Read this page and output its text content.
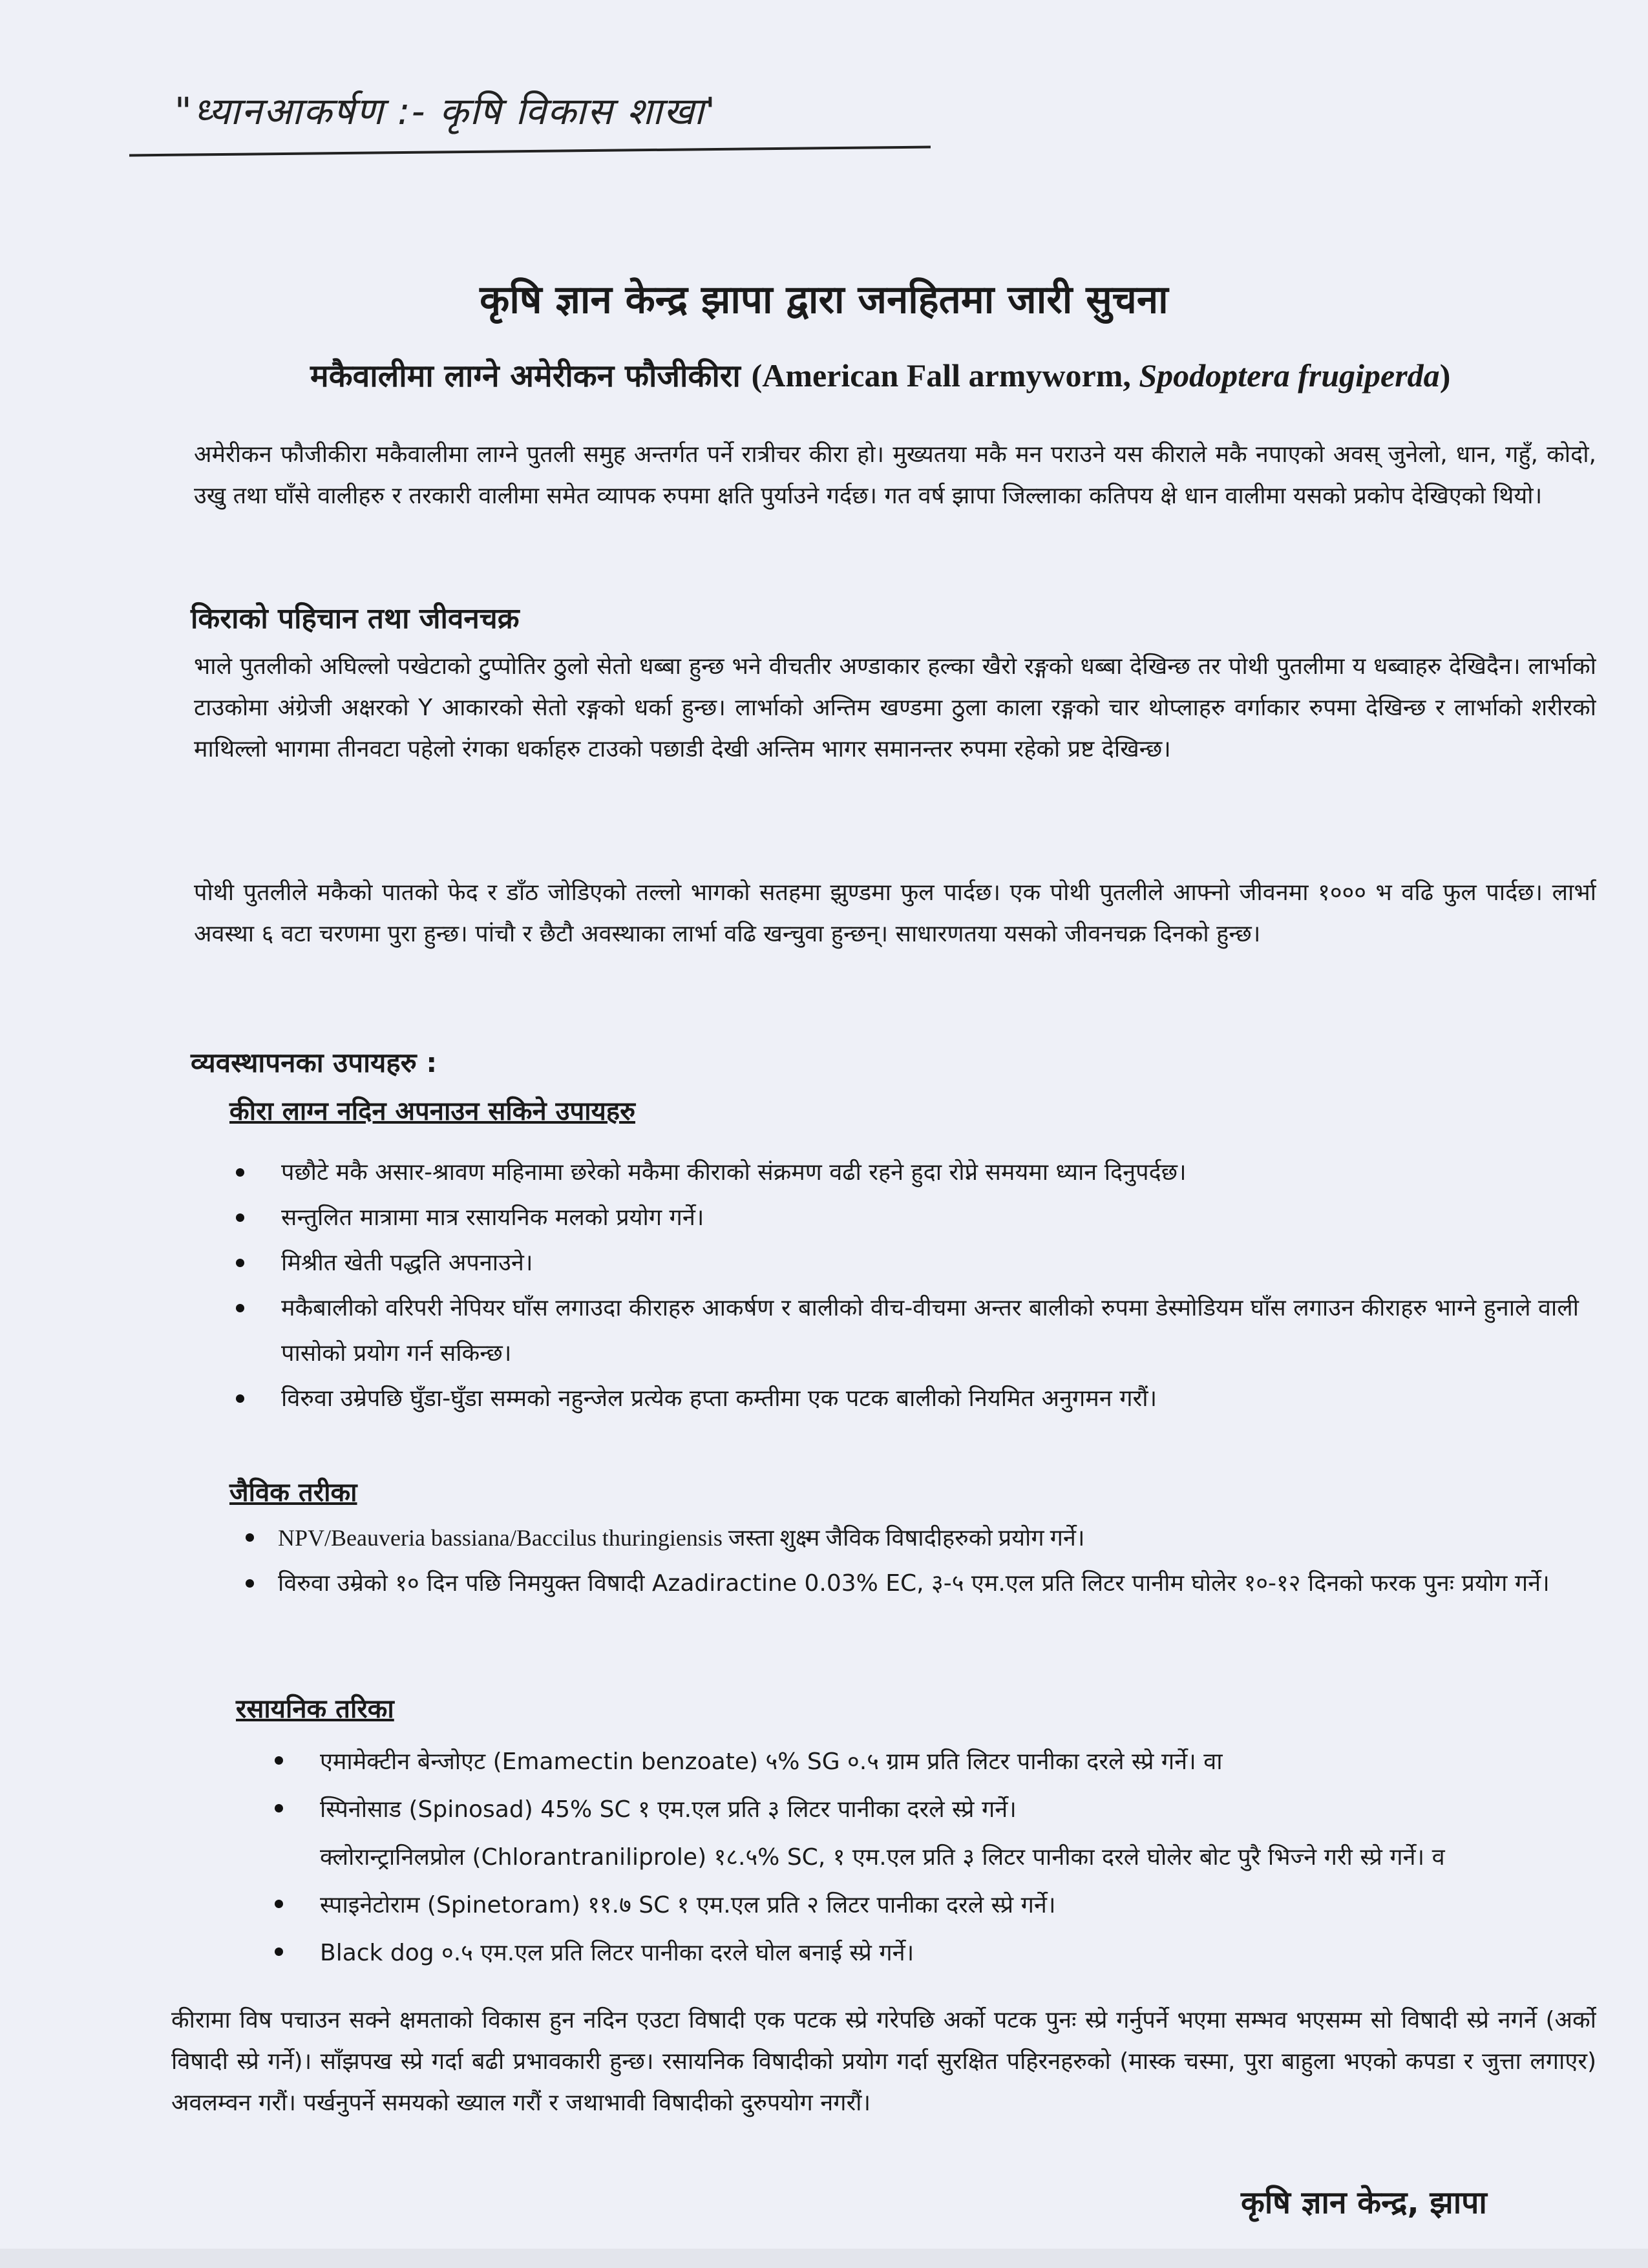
"ध्यानआकर्षण :- कृषि विकास शाखा'
कृषि ज्ञान केन्द्र झापा द्वारा जनहितमा जारी सुचना
मकैवालीमा लाग्ने अमेरीकन फौजीकीरा (American Fall armyworm, Spodoptera frugiperda)
अमेरीकन फौजीकीरा मकैवालीमा लाग्ने पुतली समुह अन्तर्गत पर्ने रात्रीचर कीरा हो। मुख्यतया मकै मन पराउने यस कीराले मकै नपाएको अवस् जुनेलो, धान, गहुँ, कोदो, उखु तथा घाँसे वालीहरु र तरकारी वालीमा समेत व्यापक रुपमा क्षति पुर्याउने गर्दछ। गत वर्ष झापा जिल्लाका कतिपय क्षे धान वालीमा यसको प्रकोप देखिएको थियो।
किराको पहिचान तथा जीवनचक्र
भाले पुतलीको अघिल्लो पखेटाको टुप्पोतिर ठुलो सेतो धब्बा हुन्छ भने वीचतीर अण्डाकार हल्का खैरो रङ्गको धब्बा देखिन्छ तर पोथी पुतलीमा य धब्वाहरु देखिदैन। लार्भाको टाउकोमा अंग्रेजी अक्षरको Y आकारको सेतो रङ्गको धर्का हुन्छ। लार्भाको अन्तिम खण्डमा ठुला काला रङ्गको चार थोप्लाहरु वर्गाकार रुपमा देखिन्छ र लार्भाको शरीरको माथिल्लो भागमा तीनवटा पहेलो रंगका धर्काहरु टाउको पछाडी देखी अन्तिम भागर समानन्तर रुपमा रहेको प्रष्ट देखिन्छ।
पोथी पुतलीले मकैको पातको फेद र डाँठ जोडिएको तल्लो भागको सतहमा झुण्डमा फुल पार्दछ। एक पोथी पुतलीले आफ्नो जीवनमा १००० भ वढि फुल पार्दछ। लार्भा अवस्था ६ वटा चरणमा पुरा हुन्छ। पांचौ र छैटौ अवस्थाका लार्भा वढि खन्चुवा हुन्छन्। साधारणतया यसको जीवनचक्र दिनको हुन्छ।
व्यवस्थापनका उपायहरु :
कीरा लाग्न नदिन अपनाउन सकिने उपायहरु
पछौटे मकै असार-श्रावण महिनामा छरेको मकैमा कीराको संक्रमण वढी रहने हुदा रोप्ने समयमा ध्यान दिनुपर्दछ।
सन्तुलित मात्रामा मात्र रसायनिक मलको प्रयोग गर्ने।
मिश्रीत खेती पद्धति अपनाउने।
मकैबालीको वरिपरी नेपियर घाँस लगाउदा कीराहरु आकर्षण र बालीको वीच-वीचमा अन्तर बालीको रुपमा डेस्मोडियम घाँस लगाउन कीराहरु भाग्ने हुनाले वाली पासोको प्रयोग गर्न सकिन्छ।
विरुवा उम्रेपछि घुँडा-घुँडा सम्मको नहुन्जेल प्रत्येक हप्ता कम्तीमा एक पटक बालीको नियमित अनुगमन गरौं।
जैविक तरीका
NPV/Beauveria bassiana/Baccilus thuringiensis जस्ता शुक्ष्म जैविक विषादीहरुको प्रयोग गर्ने।
विरुवा उम्रेको १० दिन पछि निमयुक्त विषादी Azadiractine 0.03% EC, ३-५ एम.एल प्रति लिटर पानीम घोलेर १०-१२ दिनको फरक पुनः प्रयोग गर्ने।
रसायनिक तरिका
एमामेक्टीन बेन्जोएट (Emamectin benzoate) ५% SG ०.५ ग्राम प्रति लिटर पानीका दरले स्प्रे गर्ने। वा
स्पिनोसाड (Spinosad) 45% SC १ एम.एल प्रति ३ लिटर पानीका दरले स्प्रे गर्ने।
क्लोरान्ट्रानिलप्रोल (Chlorantraniliprole) १८.५% SC, १ एम.एल प्रति ३ लिटर पानीका दरले घोलेर बोट पुरै भिज्ने गरी स्प्रे गर्ने। व
स्पाइनेटोराम (Spinetoram) ११.७ SC १ एम.एल प्रति २ लिटर पानीका दरले स्प्रे गर्ने।
Black dog ०.५ एम.एल प्रति लिटर पानीका दरले घोल बनाई स्प्रे गर्ने।
कीरामा विष पचाउन सक्ने क्षमताको विकास हुन नदिन एउटा विषादी एक पटक स्प्रे गरेपछि अर्को पटक पुनः स्प्रे गर्नुपर्ने भएमा सम्भव भएसम्म सो विषादी स्प्रे नगर्ने (अर्को विषादी स्प्रे गर्ने)। साँझपख स्प्रे गर्दा बढी प्रभावकारी हुन्छ। रसायनिक विषादीको प्रयोग गर्दा सुरक्षित पहिरनहरुको (मास्क चस्मा, पुरा बाहुला भएको कपडा र जुत्ता लगाएर) अवलम्वन गरौं। पर्खनुपर्ने समयको ख्याल गरौं र जथाभावी विषादीको दुरुपयोग नगरौं।
कृषि ज्ञान केन्द्र, झापा
